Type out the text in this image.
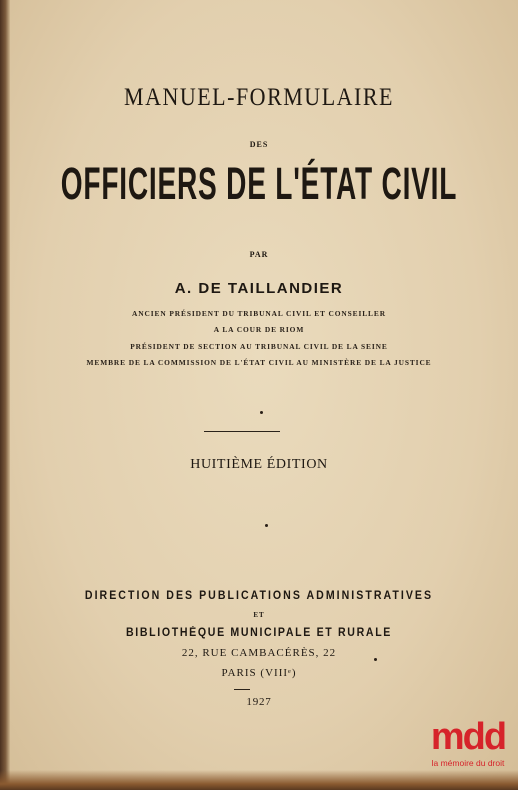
MANUEL-FORMULAIRE
DES
OFFICIERS DE L'ÉTAT CIVIL
PAR
A. DE TAILLANDIER
ANCIEN PRÉSIDENT DU TRIBUNAL CIVIL ET CONSEILLER
A LA COUR DE RIOM
PRÉSIDENT DE SECTION AU TRIBUNAL CIVIL DE LA SEINE
MEMBRE DE LA COMMISSION DE L'ÉTAT CIVIL AU MINISTÈRE DE LA JUSTICE
HUITIÈME ÉDITION
DIRECTION DES PUBLICATIONS ADMINISTRATIVES
ET
BIBLIOTHÈQUE MUNICIPALE ET RURALE
22, RUE CAMBACÉRÈS, 22
PARIS (VIIIᵉ)
1927
mdd
la mémoire du droit
